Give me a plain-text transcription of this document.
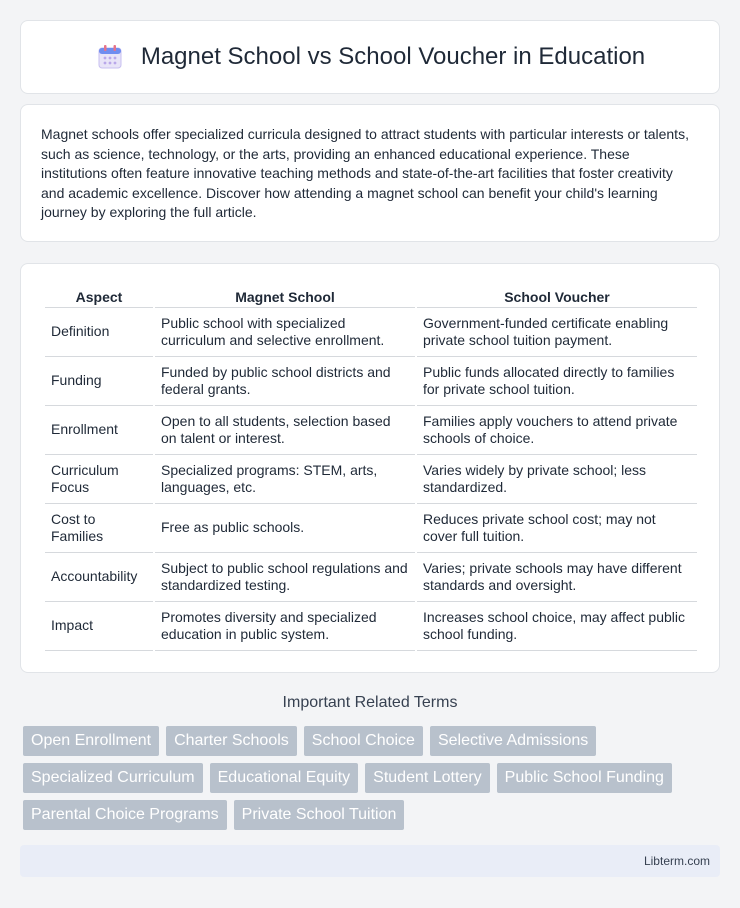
Magnet School vs School Voucher in Education

Magnet schools offer specialized curricula designed to attract students with particular interests or talents, such as science, technology, or the arts, providing an enhanced educational experience. These institutions often feature innovative teaching methods and state-of-the-art facilities that foster creativity and academic excellence. Discover how attending a magnet school can benefit your child's learning journey by exploring the full article.

Aspect	Magnet School	School Voucher
Definition	Public school with specialized curriculum and selective enrollment.	Government-funded certificate enabling private school tuition payment.
Funding	Funded by public school districts and federal grants.	Public funds allocated directly to families for private school tuition.
Enrollment	Open to all students, selection based on talent or interest.	Families apply vouchers to attend private schools of choice.
Curriculum Focus	Specialized programs: STEM, arts, languages, etc.	Varies widely by private school; less standardized.
Cost to Families	Free as public schools.	Reduces private school cost; may not cover full tuition.
Accountability	Subject to public school regulations and standardized testing.	Varies; private schools may have different standards and oversight.
Impact	Promotes diversity and specialized education in public system.	Increases school choice, may affect public school funding.
Important Related Terms
Open Enrollment	Charter Schools	School Choice	Selective Admissions
Specialized Curriculum	Educational Equity	Student Lottery	Public School Funding
Parental Choice Programs	Private School Tuition
Libterm.com
